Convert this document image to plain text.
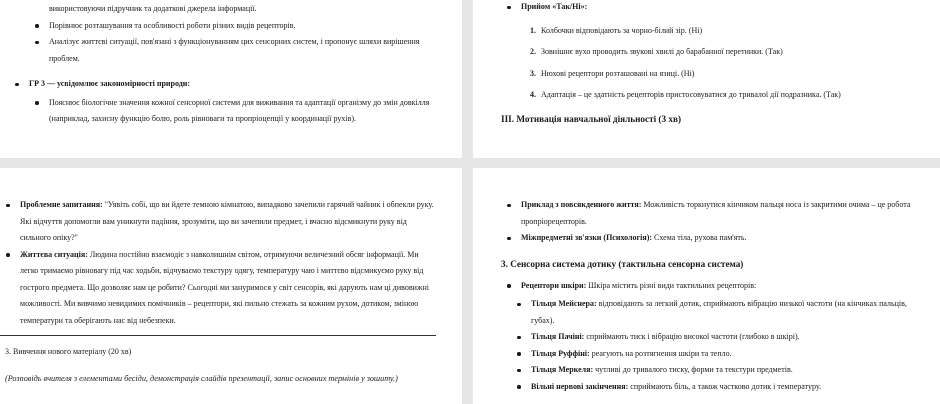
використовуючи підручник та додаткові джерела інформації.
Порівнює розташування та особливості роботи різних видів рецепторів.
Аналізує життєві ситуації, пов'язані з функціонуванням цих сенсорних систем, і пропонує шляхи вирішення проблем.
ГР 3 — усвідомлює закономірності природи:
Пояснює біологічне значення кожної сенсорної системи для виживання та адаптації організму до змін довкілля (наприклад, захисну функцію болю, роль рівноваги та пропріоцепції у координації рухів).
Прийом «Так/Ні»:
1. Колбочки відповідають за чорно-білий зір. (Ні)
2. Зовнішнє вухо проводить звукові хвилі до барабанної перетинки. (Так)
3. Нюхові рецептори розташовані на язиці. (Ні)
4. Адаптація – це здатність рецепторів пристосовуватися до тривалої дії подразника. (Так)
ІІІ. Мотивація навчальної діяльності (3 хв)
Проблемне запитання: "Уявіть собі, що ви йдете темною кімнатою, випадково зачепили гарячий чайник і обпекли руку. Які відчуття допомогли вам уникнути падіння, зрозуміти, що ви зачепили предмет, і вчасно відсмикнути руку від сильного опіку?"
Життєва ситуація: Людина постійно взаємодіє з навколишнім світом, отримуючи величезний обсяг інформації. Ми легко тримаємо рівновагу під час ходьби, відчуваємо текстуру одягу, температуру чаю і миттєво відсмикуємо руку від гострого предмета. Що дозволяє нам це робити? Сьогодні ми зануримося у світ сенсорів, які дарують нам ці дивовижні можливості. Ми вивчимо невидимих помічників – рецептори, які пильно стежать за кожним рухом, дотиком, зміною температури та оберігають нас від небезпеки.
3. Вивчення нового матеріалу (20 хв)
(Розповідь вчителя з елементами бесіди, демонстрація слайдів презентації, запис основних термінів у зошиту.)
Приклад з повсякденного життя: Можливість торкнутися кінчиком пальця носа із закритими очима – це робота пропріорецепторів.
Міжпредметні зв'язки (Психологія): Схема тіла, рухова пам'ять.
3. Сенсорна система дотику (тактильна сенсорна система)
Рецептори шкіри: Шкіра містить різні види тактильних рецепторів:
Тільця Мейснера: відповідають за легкий дотик, сприймають вібрацію низької частоти (на кінчиках пальців, губах).
Тільця Пачіні: сприймають тиск і вібрацію високої частоти (глибоко в шкірі).
Тільця Руффіні: реагують на розтягнення шкіри та тепло.
Тільця Меркеля: чутливі до тривалого тиску, форми та текстури предметів.
Вільні нервові закінчення: сприймають біль, а також частково дотик і температуру.
